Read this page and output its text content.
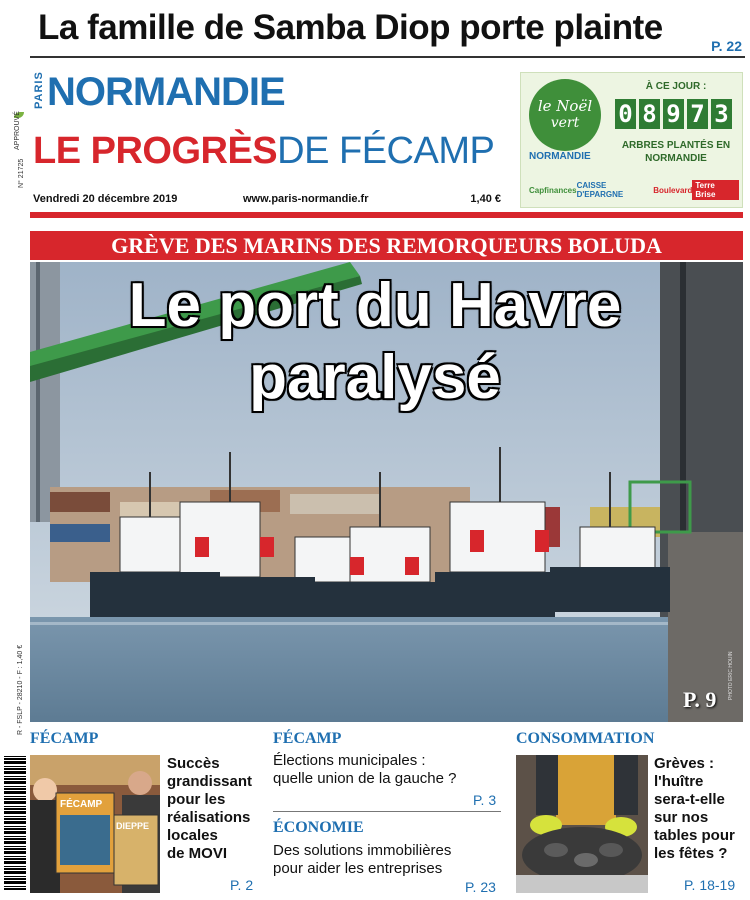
La famille de Samba Diop porte plainte	P. 22
APPROUVÉ
N° 21725
PARIS NORMANDIE
LE PROGRÈSDE FÉCAMP
Vendredi 20 décembre 2019	www.paris-normandie.fr	1,40 €
le Noël
vert
NORMANDIE
À CE JOUR :
0 8 9 7 3
ARBRES PLANTÉS EN NORMANDIE
Capfinances CAISSE D'EPARGNE	Boulevard Terre Brise
GRÈVE DES MARINS DES REMORQUEURS BOLUDA
Le port du Havre
paralysé
P. 9 PHOTO ERIC HOUIN
R - FSLP - 28210 - F : 1,40 €
FÉCAMP
FÉCAMP
DIEPPE
Succès
grandissant
pour les
réalisations
locales
de MOVI
P. 2
FÉCAMP
Élections municipales :
quelle union de la gauche ?
P. 3
ÉCONOMIE
Des solutions immobilières
pour aider les entreprises
P. 23
CONSOMMATION
Grèves :
l'huître
sera-t-elle
sur nos
tables pour
les fêtes ?
P. 18-19
